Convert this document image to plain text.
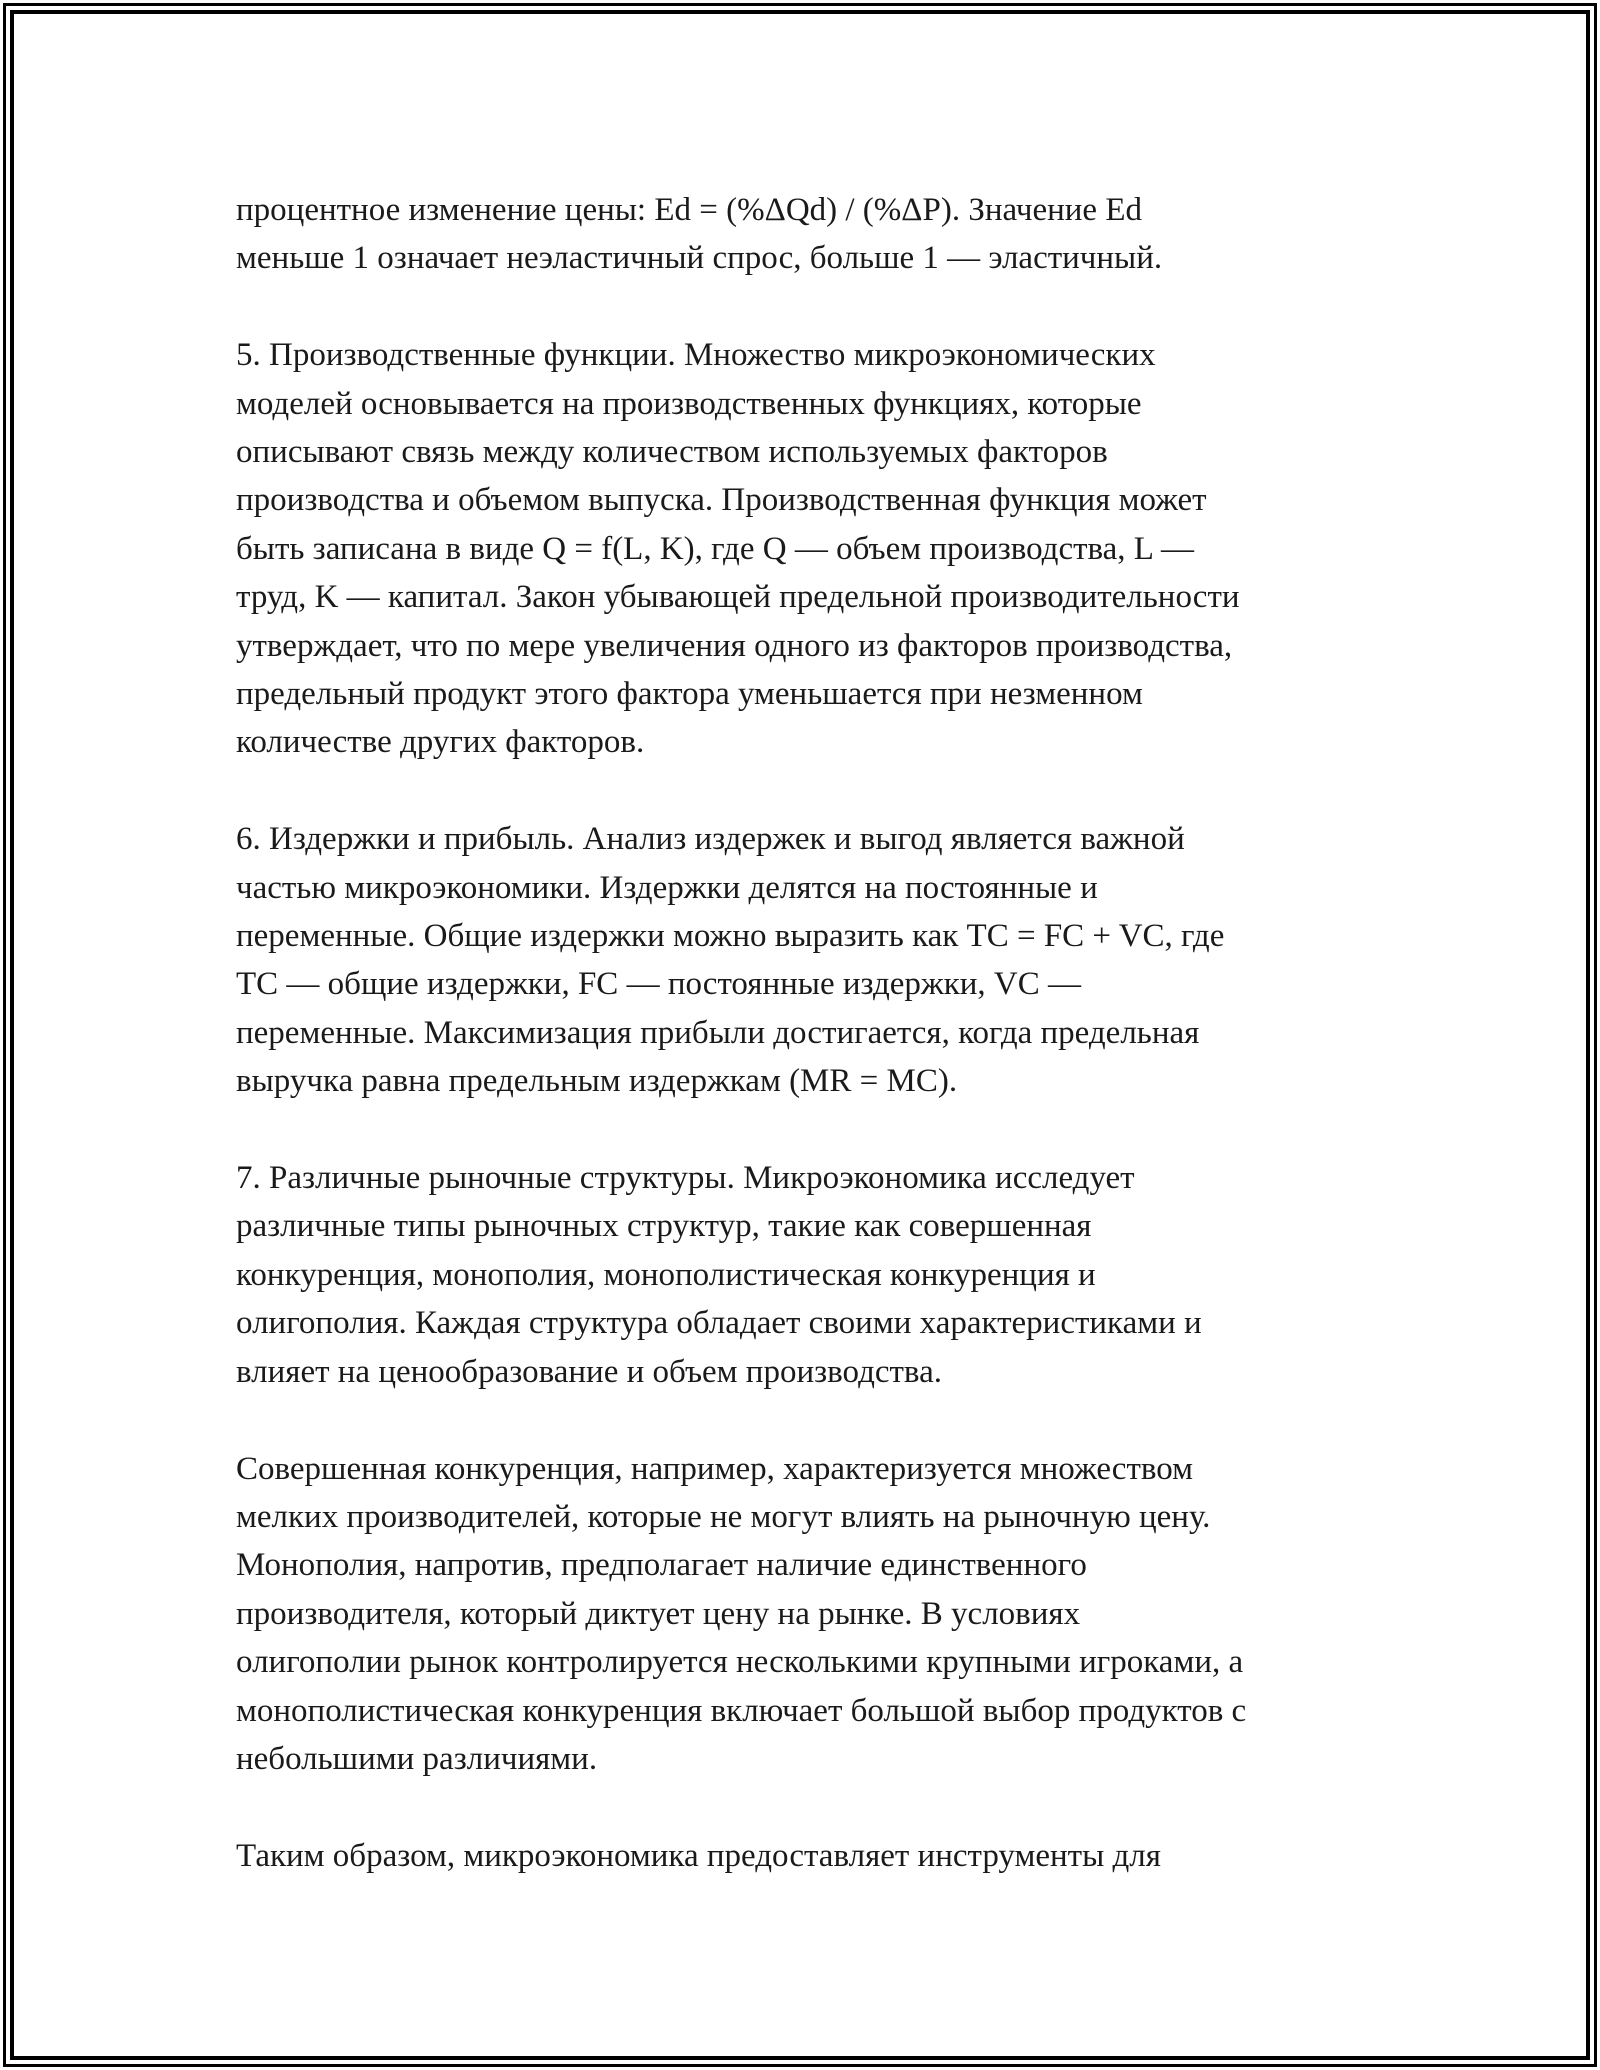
процентное изменение цены: Ed = (%ΔQd) / (%ΔP). Значение Ed
меньше 1 означает неэластичный спрос, больше 1 — эластичный.

5. Производственные функции. Множество микроэкономических
моделей основывается на производственных функциях, которые
описывают связь между количеством используемых факторов
производства и объемом выпуска. Производственная функция может
быть записана в виде Q = f(L, K), где Q — объем производства, L —
труд, K — капитал. Закон убывающей предельной производительности
утверждает, что по мере увеличения одного из факторов производства,
предельный продукт этого фактора уменьшается при незменном
количестве других факторов.

6. Издержки и прибыль. Анализ издержек и выгод является важной
частью микроэкономики. Издержки делятся на постоянные и
переменные. Общие издержки можно выразить как TC = FC + VC, где
TC — общие издержки, FC — постоянные издержки, VC —
переменные. Максимизация прибыли достигается, когда предельная
выручка равна предельным издержкам (MR = MC).

7. Различные рыночные структуры. Микроэкономика исследует
различные типы рыночных структур, такие как совершенная
конкуренция, монополия, монополистическая конкуренция и
олигополия. Каждая структура обладает своими характеристиками и
влияет на ценообразование и объем производства.

Совершенная конкуренция, например, характеризуется множеством
мелких производителей, которые не могут влиять на рыночную цену.
Монополия, напротив, предполагает наличие единственного
производителя, который диктует цену на рынке. В условиях
олигополии рынок контролируется несколькими крупными игроками, а
монополистическая конкуренция включает большой выбор продуктов с
небольшими различиями.

Таким образом, микроэкономика предоставляет инструменты для
